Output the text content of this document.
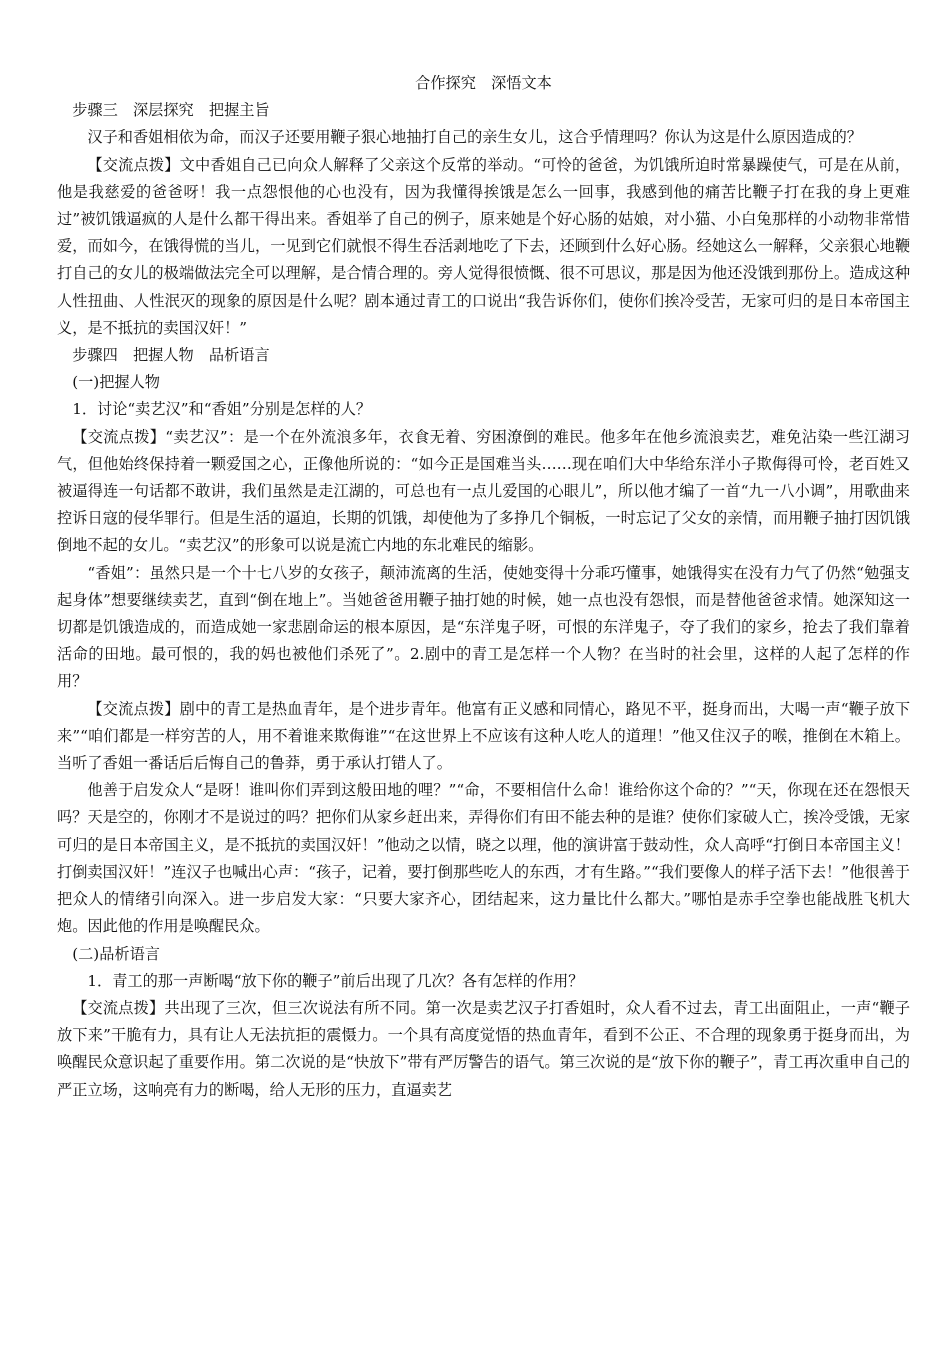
合作探究　深悟文本

步骤三　深层探究　把握主旨

汉子和香姐相依为命，而汉子还要用鞭子狠心地抽打自己的亲生女儿，这合乎情理吗？你认为这是什么原因造成的？

【交流点拨】文中香姐自己已向众人解释了父亲这个反常的举动。“可怜的爸爸，为饥饿所迫时常暴躁使气，可是在从前，他是我慈爱的爸爸呀！我一点怨恨他的心也没有，因为我懂得挨饿是怎么一回事，我感到他的痛苦比鞭子打在我的身上更难过”被饥饿逼疯的人是什么都干得出来。香姐举了自己的例子，原来她是个好心肠的姑娘，对小猫、小白兔那样的小动物非常惜爱，而如今，在饿得慌的当儿，一见到它们就恨不得生吞活剥地吃了下去，还顾到什么好心肠。经她这么一解释，父亲狠心地鞭打自己的女儿的极端做法完全可以理解，是合情合理的。旁人觉得很愤慨、很不可思议，那是因为他还没饿到那份上。造成这种人性扭曲、人性泯灭的现象的原因是什么呢？剧本通过青工的口说出“我告诉你们，使你们挨冷受苦，无家可归的是日本帝国主义，是不抵抗的卖国汉奸！”

步骤四　把握人物　品析语言

(一)把握人物

1．讨论“卖艺汉”和“香姐”分别是怎样的人？

【交流点拨】“卖艺汉”：是一个在外流浪多年，衣食无着、穷困潦倒的难民。他多年在他乡流浪卖艺，难免沾染一些江湖习气，但他始终保持着一颗爱国之心，正像他所说的：“如今正是国难当头……现在咱们大中华给东洋小子欺侮得可怜，老百姓又被逼得连一句话都不敢讲，我们虽然是走江湖的，可总也有一点儿爱国的心眼儿”，所以他才编了一首“九一八小调”，用歌曲来控诉日寇的侵华罪行。但是生活的逼迫，长期的饥饿，却使他为了多挣几个铜板，一时忘记了父女的亲情，而用鞭子抽打因饥饿倒地不起的女儿。“卖艺汉”的形象可以说是流亡内地的东北难民的缩影。

“香姐”：虽然只是一个十七八岁的女孩子，颠沛流离的生活，使她变得十分乖巧懂事，她饿得实在没有力气了仍然“勉强支起身体”想要继续卖艺，直到“倒在地上”。当她爸爸用鞭子抽打她的时候，她一点也没有怨恨，而是替他爸爸求情。她深知这一切都是饥饿造成的，而造成她一家悲剧命运的根本原因，是“东洋鬼子呀，可恨的东洋鬼子，夺了我们的家乡，抢去了我们靠着活命的田地。最可恨的，我的妈也被他们杀死了”。2.剧中的青工是怎样一个人物？在当时的社会里，这样的人起了怎样的作用？

【交流点拨】剧中的青工是热血青年，是个进步青年。他富有正义感和同情心，路见不平，挺身而出，大喝一声“鞭子放下来”“咱们都是一样穷苦的人，用不着谁来欺侮谁”“在这世界上不应该有这种人吃人的道理！”他又住汉子的喉，推倒在木箱上。当听了香姐一番话后后悔自己的鲁莽，勇于承认打错人了。

他善于启发众人“是呀！谁叫你们弄到这般田地的哩？”“命，不要相信什么命！谁给你这个命的？”“天，你现在还在怨恨天吗？天是空的，你刚才不是说过的吗？把你们从家乡赶出来，弄得你们有田不能去种的是谁？使你们家破人亡，挨冷受饿，无家可归的是日本帝国主义，是不抵抗的卖国汉奸！”他动之以情，晓之以理，他的演讲富于鼓动性，众人高呼“打倒日本帝国主义！打倒卖国汉奸！”连汉子也喊出心声：“孩子，记着，要打倒那些吃人的东西，才有生路。”“我们要像人的样子活下去！”他很善于把众人的情绪引向深入。进一步启发大家：“只要大家齐心，团结起来，这力量比什么都大。”哪怕是赤手空拳也能战胜飞机大炮。因此他的作用是唤醒民众。

(二)品析语言

1．青工的那一声断喝“放下你的鞭子”前后出现了几次？各有怎样的作用？

【交流点拨】共出现了三次，但三次说法有所不同。第一次是卖艺汉子打香姐时，众人看不过去，青工出面阻止，一声“鞭子放下来”干脆有力，具有让人无法抗拒的震慑力。一个具有高度觉悟的热血青年，看到不公正、不合理的现象勇于挺身而出，为唤醒民众意识起了重要作用。第二次说的是“快放下”带有严厉警告的语气。第三次说的是“放下你的鞭子”，青工再次重申自己的严正立场，这响亮有力的断喝，给人无形的压力，直逼卖艺
